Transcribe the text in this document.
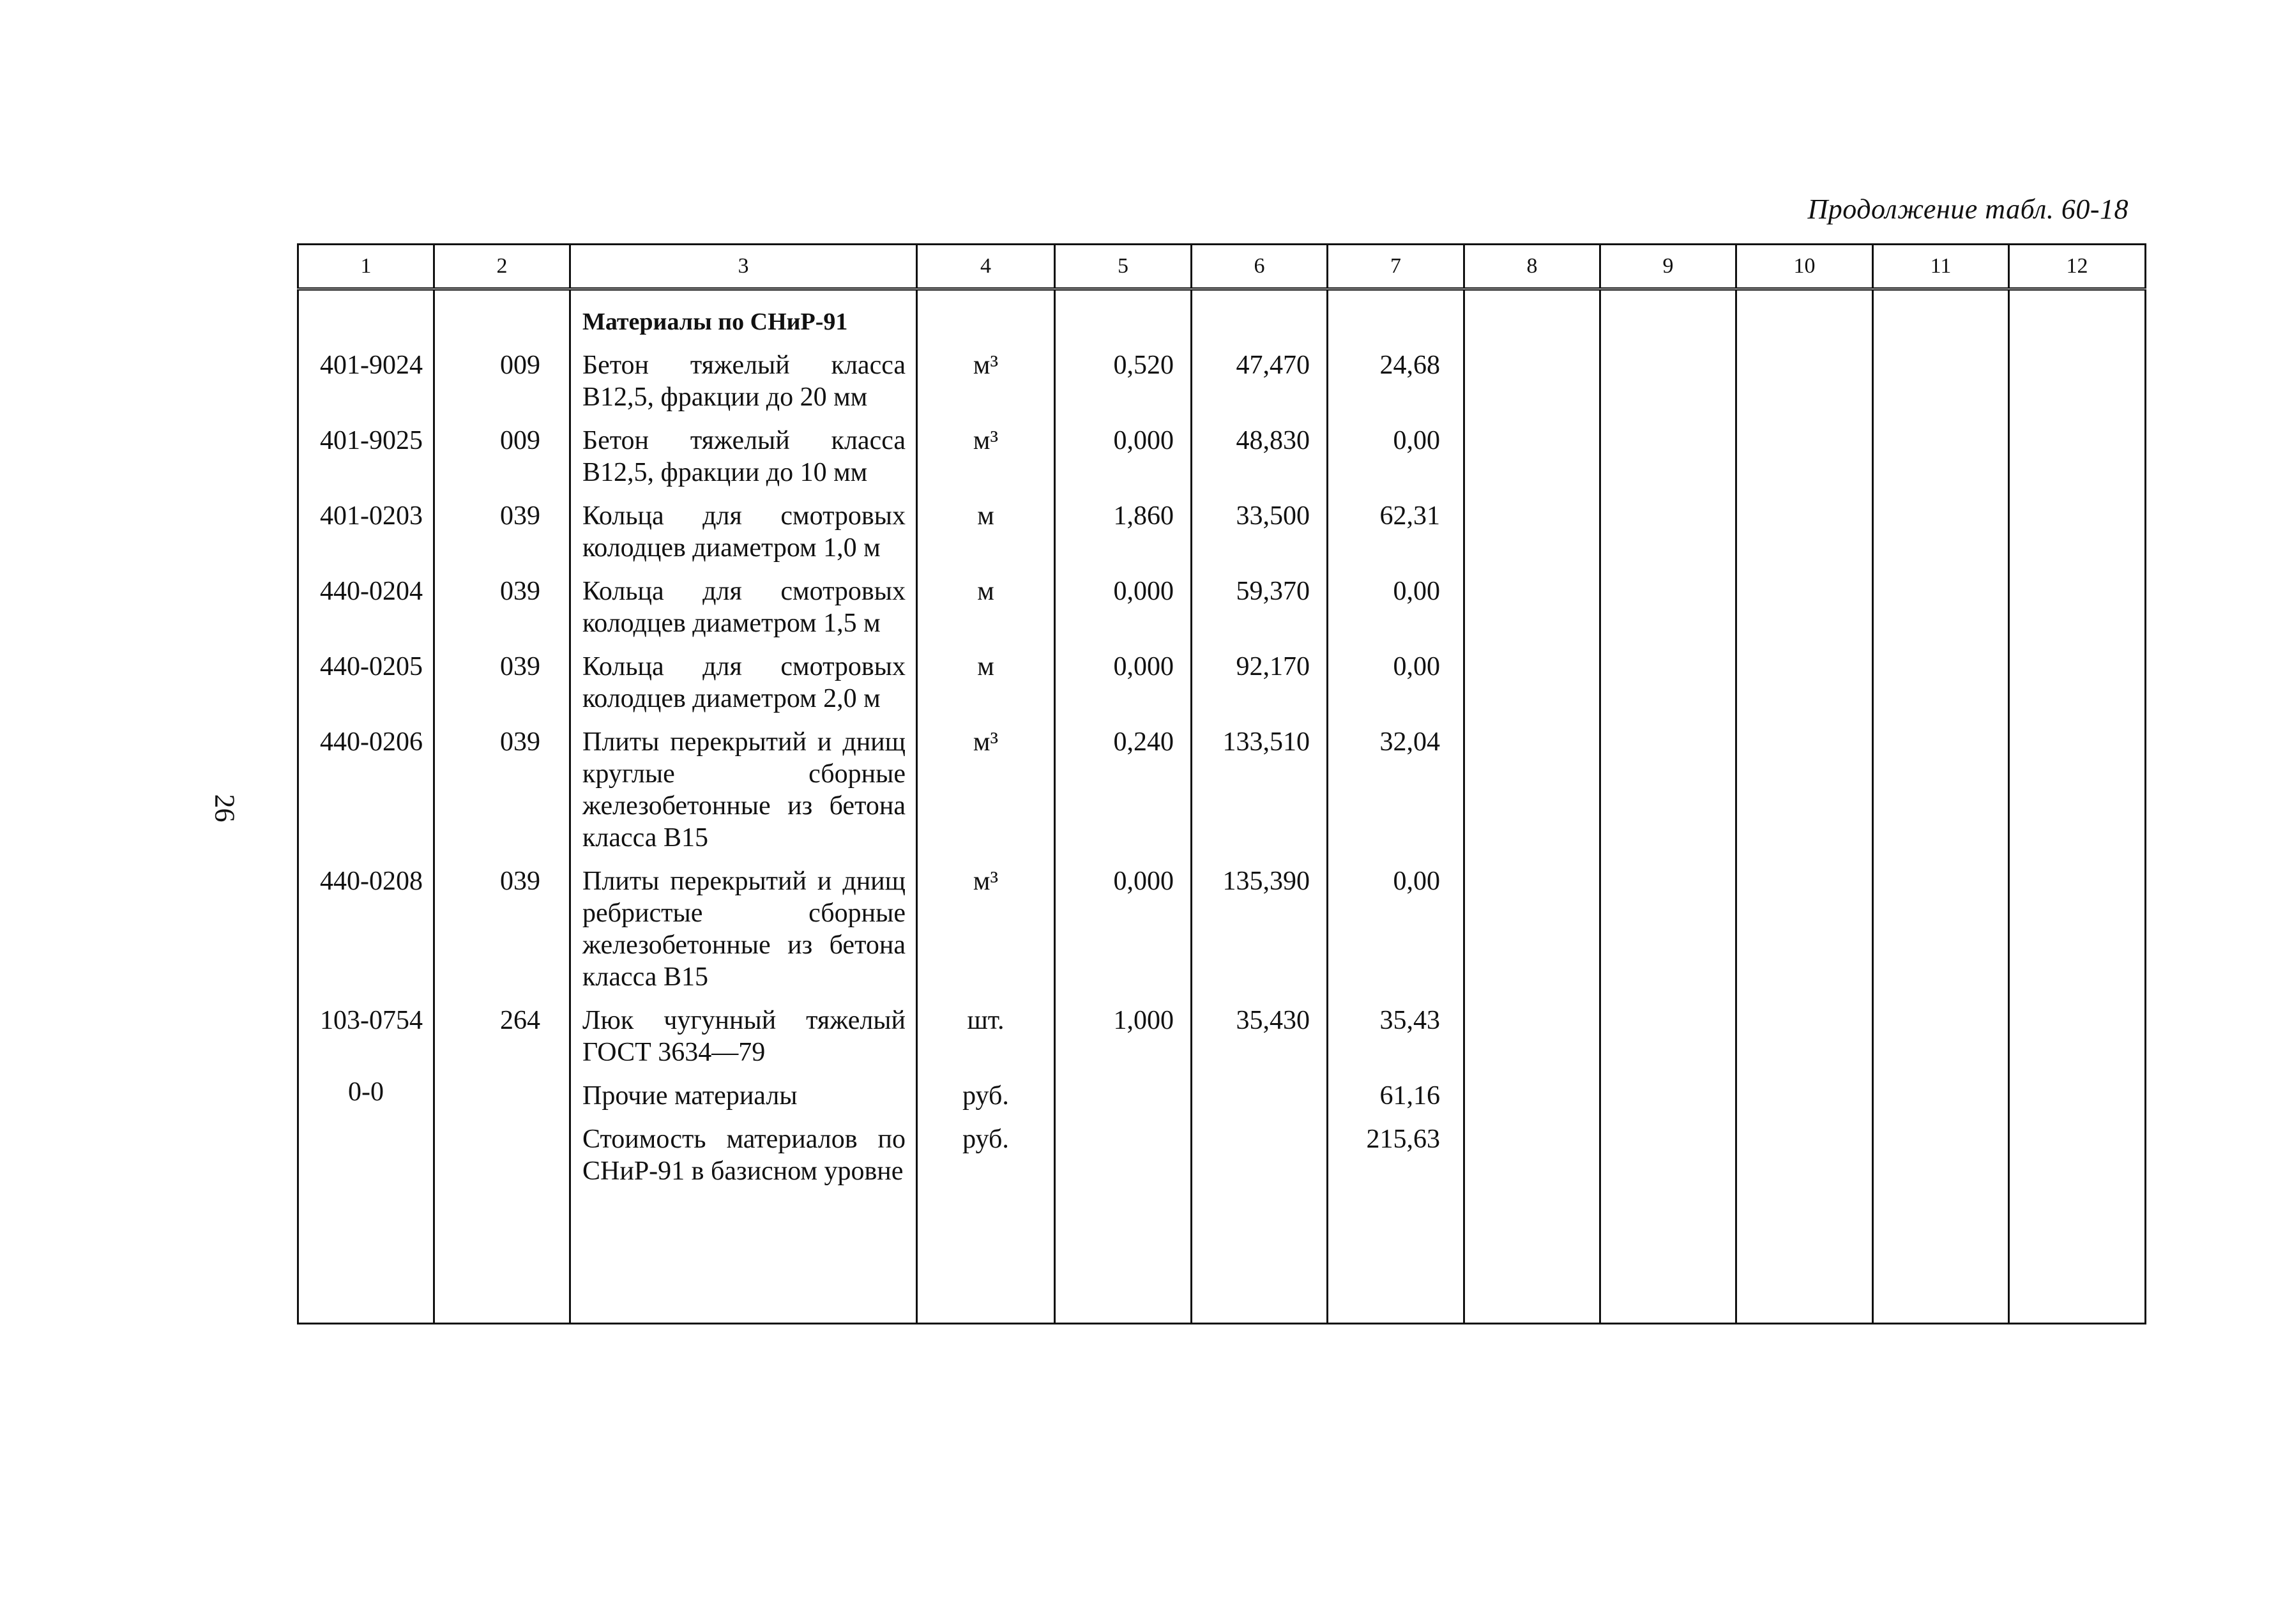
Продолжение табл. 60-18
26
1	2	3	4	5	6	7	8	9	10	11	12
		Материалы по СНиР-91									
401-9024	009	Бетон тяжелый класса В12,5, фракции до 20 мм	м³	0,520	47,470	24,68					
401-9025	009	Бетон тяжелый класса В12,5, фракции до 10 мм	м³	0,000	48,830	0,00					
401-0203	039	Кольца для смотровых колодцев диаметром 1,0 м	м	1,860	33,500	62,31					
440-0204	039	Кольца для смотровых колодцев диаметром 1,5 м	м	0,000	59,370	0,00					
440-0205	039	Кольца для смотровых колодцев диаметром 2,0 м	м	0,000	92,170	0,00					
440-0206	039	Плиты перекрытий и днищ круглые сборные железобетонные из бетона класса В15	м³	0,240	133,510	32,04					
440-0208	039	Плиты перекрытий и днищ ребристые сборные железобетонные из бетона класса В15	м³	0,000	135,390	0,00					
103-0754	264	Люк чугунный тяжелый ГОСТ 3634—79	шт.	1,000	35,430	35,43					
0-0		Прочие материалы	руб.			61,16					
		Стоимость материалов по СНиР-91 в базисном уровне	руб.			215,63					
